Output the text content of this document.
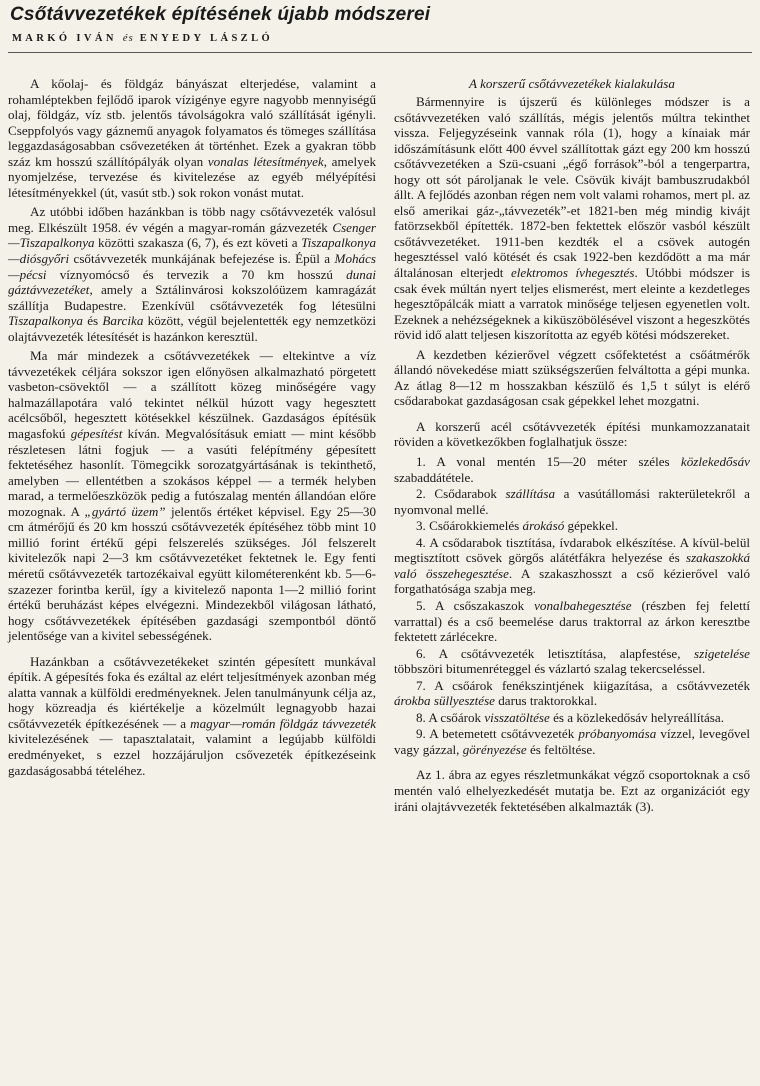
Csőtávvezetékek építésének újabb módszerei
MARKÓ IVÁN és ENYEDY LÁSZLÓ

A kőolaj- és földgáz bányászat elterjedése, valamint a rohamléptekben fejlődő iparok vízigénye egyre nagyobb mennyiségű olaj, földgáz, víz stb. jelentős távolságokra való szállítását igényli. Cseppfolyós vagy gáznemű anyagok folyamatos és tömeges szállítása leggazdaságosabban csővezetéken át történhet. Ezek a gyakran több száz km hosszú szállítópályák olyan vonalas létesítmények, amelyek nyomjelzése, tervezése és kivitelezése az egyéb mélyépítési létesítményekkel (út, vasút stb.) sok rokon vonást mutat.

Az utóbbi időben hazánkban is több nagy csőtávvezeték valósul meg. Elkészült 1958. év végén a magyar-román gázvezeték Csenger—Tiszapalkonya közötti szakasza (6, 7), és ezt követi a Tiszapalkonya—diósgyőri csőtávvezeték munkájának befejezése is. Épül a Mohács—pécsi víznyomócső és tervezik a 70 km hosszú dunai gáztávvezetéket, amely a Sztálinvárosi kokszolóüzem kamragázát szállítja Budapestre. Ezenkívül csőtávvezeték fog létesülni Tiszapalkonya és Barcika között, végül bejelentették egy nemzetközi olajtávvezeték létesítését is hazánkon keresztül.

Ma már mindezek a csőtávvezetékek — eltekintve a víz távvezetékek céljára sokszor igen előnyösen alkalmazható pörgetett vasbeton-csövektől — a szállított közeg minőségére vagy halmazállapotára való tekintet nélkül húzott vagy hegesztett acélcsőből, hegesztett kötésekkel készülnek. Gazdaságos építésük magasfokú gépesítést kíván. Megvalósításuk emiatt — mint később részletesen látni fogjuk — a vasúti felépítmény gépesített fektetéséhez hasonlít. Tömegcikk sorozatgyártásának is tekinthető, amelyben — ellentétben a szokásos képpel — a termék helyben marad, a termelőeszközök pedig a futószalag mentén állandóan előre mozognak. A „gyártó üzem” jelentős értéket képvisel. Egy 25—30 cm átmérőjű és 20 km hosszú csőtávvezeték építéséhez több mint 10 millió forint értékű gépi felszerelés szükséges. Jól felszerelt kivitelezők napi 2—3 km csőtávvezetéket fektetnek le. Egy fenti méretű csőtávvezeték tartozékaival együtt kilométerenként kb. 5—6-szazezer forintba kerül, így a kivitelező naponta 1—2 millió forint értékű beruházást képes elvégezni. Mindezekből világosan látható, hogy csőtávvezetékek építésében gazdasági szempontból döntő jelentősége van a kivitel sebességének.

Hazánkban a csőtávvezetékeket szintén gépesített munkával építik. A gépesítés foka és ezáltal az elért teljesítmények azonban még alatta vannak a külföldi eredményeknek. Jelen tanulmányunk célja az, hogy közreadja és kiértékelje a közelmúlt legnagyobb hazai csőtávvezeték építkezésének — a magyar—román földgáz távvezeték kivitelezésének — tapasztalatait, valamint a legújabb külföldi eredményeket, s ezzel hozzájáruljon csővezeték építkezéseink gazdaságosabbá tételéhez.

A korszerű csőtávvezetékek kialakulása

Bármennyire is újszerű és különleges módszer is a csőtávvezetéken való szállítás, mégis jelentős múltra tekinthet vissza. Feljegyzéseink vannak róla (1), hogy a kínaiak már időszámításunk előtt 400 évvel szállítottak gázt egy 200 km hosszú csőtávvezetéken a Szü-csuani „égő források”-ból a tengerpartra, hogy ott sót pároljanak le vele. Csövük kivájt bambuszrudakból állt. A fejlődés azonban régen nem volt valami rohamos, mert pl. az első amerikai gáz-„távvezeték”-et 1821-ben még mindig kivájt fatörzsekből építették. 1872-ben fektettek először vasból készült csőtávvezetéket. 1911-ben kezdték el a csövek autogén hegesztéssel való kötését és csak 1922-ben kezdődött a ma már általánosan elterjedt elektromos ívhegesztés. Utóbbi módszer is csak évek múltán nyert teljes elismerést, mert eleinte a kezdetleges hegesztőpálcák miatt a varratok minősége teljesen egyenetlen volt. Ezeknek a nehézségeknek a kiküszöbölésével viszont a hegeszkötés rövid idő alatt teljesen kiszorította az egyéb kötési módszereket.

A kezdetben kézierővel végzett csőfektetést a csőátmérők állandó növekedése miatt szükségszerűen felváltotta a gépi munka. Az átlag 8—12 m hosszakban készülő és 1,5 t súlyt is elérő csődarabokat gazdaságosan csak gépekkel lehet mozgatni.

A korszerű acél csőtávvezeték építési munkamozzanatait röviden a következőkben foglalhatjuk össze:

1. A vonal mentén 15—20 méter széles közlekedősáv szabaddátétele.

2. Csődarabok szállítása a vasútállomási rakterületekről a nyomvonal mellé.

3. Csőárokkiemelés árokásó gépekkel.

4. A csődarabok tisztítása, ívdarabok elkészítése. A kívül-belül megtisztított csövek görgős alátétfákra helyezése és szakaszokká való összehegesztése. A szakaszhosszt a cső kézierővel való forgathatósága szabja meg.

5. A csőszakaszok vonalbahegesztése (részben fej felettí varrattal) és a cső beemelése darus traktorral az árkon keresztbe fektetett zárlécekre.

6. A csőtávvezeték letisztítása, alapfestése, szigetelése többszöri bitumenréteggel és vázlartó szalag tekercseléssel.

7. A csőárok fenékszintjének kiigazítása, a csőtávvezeték árokba süllyesztése darus traktorokkal.

8. A csőárok visszatöltése és a közlekedősáv helyreállítása.

9. A betemetett csőtávvezeték próbanyomása vízzel, levegővel vagy gázzal, görényezése és feltöltése.

Az 1. ábra az egyes részletmunkákat végző csoportoknak a cső mentén való elhelyezkedését mutatja be. Ezt az organizációt egy iráni olajtávvezeték fektetésében alkalmazták (3).
